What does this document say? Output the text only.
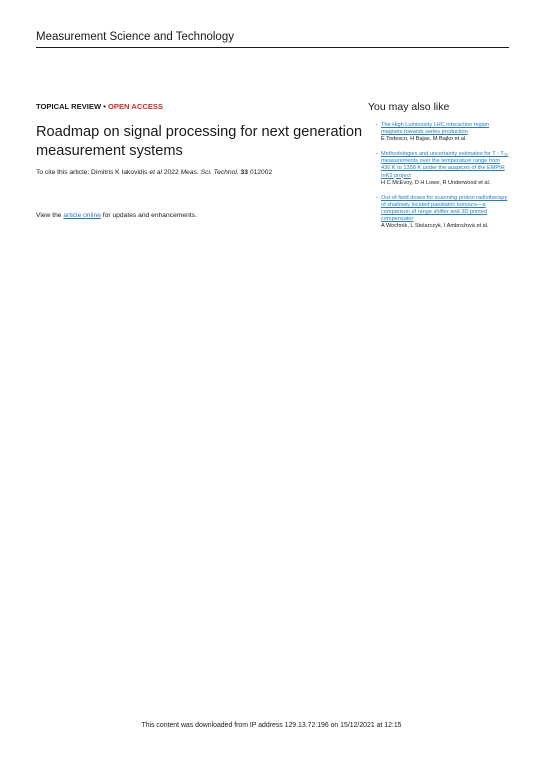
Measurement Science and Technology
TOPICAL REVIEW • OPEN ACCESS
Roadmap on signal processing for next generation measurement systems
To cite this article: Dimitris K Iakovidis et al 2022 Meas. Sci. Technol. 33 012002
View the article online for updates and enhancements.
You may also like
- The High Luminosity LHC interaction region magnets towards series production
E Todesco, H Bajas, M Bajko et al.
- Methodologies and uncertainty estimates for T - T₉₀ measurements over the temperature range from 430 K to 1358 K under the auspices of the EMPIR InK2 project
H C McEvoy, D H Lowe, R Underwood et al.
- Out-of-field doses for scanning proton radiotherapy of shallowly located paediatric tumours—a comparison of range shifter and 3D printed compensator
A Wochnik, L Stolarczyk, I Ambrožová et al.
This content was downloaded from IP address 129.13.72.196 on 15/12/2021 at 12:15
